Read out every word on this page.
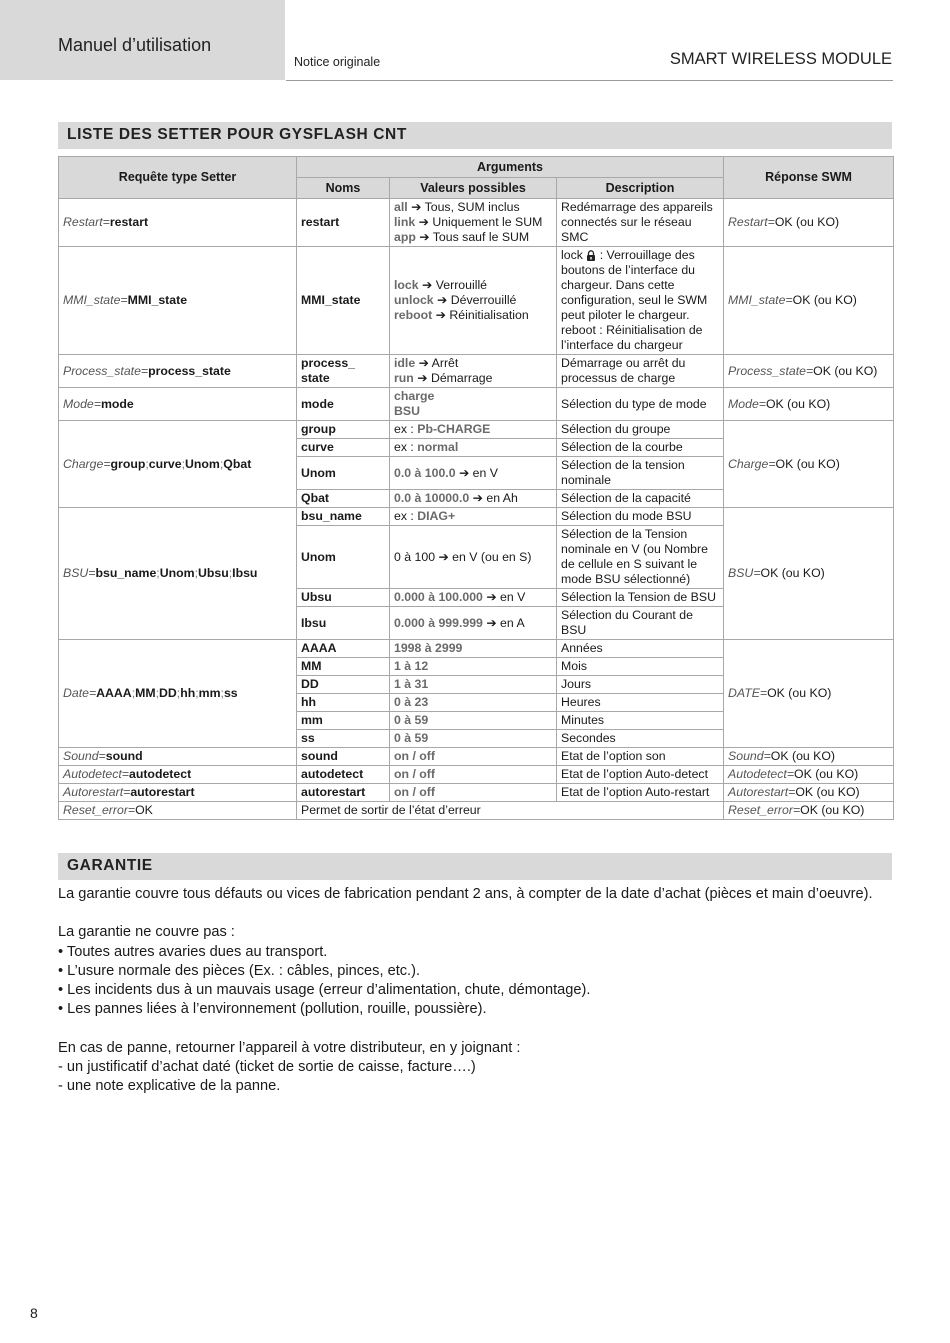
Manuel d’utilisation
Notice originale	SMART WIRELESS MODULE
LISTE DES SETTER POUR GYSFLASH CNT
Requête type Setter	Arguments			Réponse SWM
	Noms	Valeurs possibles	Description	
Restart=restart	restart	all ➔ Tous, SUM inclus
link ➔ Uniquement le SUM
app ➔ Tous sauf le SUM	Redémarrage des appareils connectés sur le réseau SMC	Restart=OK (ou KO)
MMI_state=MMI_state	MMI_state	lock ➔ Verrouillé
unlock ➔ Déverrouillé
reboot ➔ Réinitialisation	lock  : Verrouillage des boutons de l’interface du chargeur. Dans cette configuration, seul le SWM peut piloter le chargeur.
reboot : Réinitialisation de l’interface du chargeur	MMI_state=OK (ou KO)
Process_state=process_state	process_ state	idle ➔ Arrêt
run ➔ Démarrage	Démarrage ou arrêt du processus de charge	Process_state=OK (ou KO)
Mode=mode	mode	charge
BSU	Sélection du type de mode	Mode=OK (ou KO)
Charge=group;curve;Unom;Qbat	group	ex : Pb-CHARGE	Sélection du groupe	Charge=OK (ou KO)
	curve	ex : normal	Sélection de la courbe	
	Unom	0.0 à 100.0 ➔ en V	Sélection de la tension nominale	
	Qbat	0.0 à 10000.0 ➔ en Ah	Sélection de la capacité	
BSU=bsu_name;Unom;Ubsu;Ibsu	bsu_name	ex : DIAG+	Sélection du mode BSU	BSU=OK (ou KO)
	Unom	0 à 100 ➔ en V (ou en S)	Sélection de la Tension nominale en V (ou Nombre de cellule en S suivant le mode BSU sélectionné)	
	Ubsu	0.000 à 100.000 ➔ en V	Sélection la Tension de BSU	
	Ibsu	0.000 à 999.999 ➔ en A	Sélection du Courant de BSU	
Date=AAAA;MM;DD;hh;mm;ss	AAAA	1998 à 2999	Années	DATE=OK (ou KO)
	MM	1 à 12	Mois	
	DD	1 à 31	Jours	
	hh	0 à 23	Heures	
	mm	0 à 59	Minutes	
	ss	0 à 59	Secondes	
Sound=sound	sound	on / off	Etat de l’option son	Sound=OK (ou KO)
Autodetect=autodetect	autodetect	on / off	Etat de l’option Auto-detect	Autodetect=OK (ou KO)
Autorestart=autorestart	autorestart	on / off	Etat de l’option Auto-restart	Autorestart=OK (ou KO)
Reset_error=OK	Permet de sortir de l’état d’erreur			Reset_error=OK (ou KO)
GARANTIE

La garantie couvre tous défauts ou vices de fabrication pendant 2 ans, à compter de la date d’achat (pièces et main d’oeuvre).

La garantie ne couvre pas :

• Toutes autres avaries dues au transport.

• L’usure normale des pièces (Ex. : câbles, pinces, etc.).

• Les incidents dus à un mauvais usage (erreur d’alimentation, chute, démontage).

• Les pannes liées à l’environnement (pollution, rouille, poussière).

En cas de panne, retourner l’appareil à votre distributeur, en y joignant :

- un justificatif d’achat daté (ticket de sortie de caisse, facture….)

- une note explicative de la panne.

8
